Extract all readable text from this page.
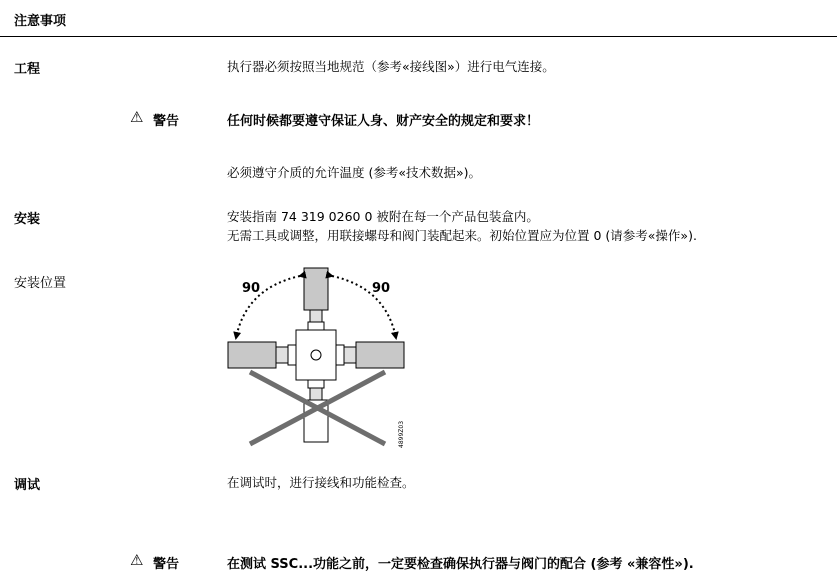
注意事项
工程	执行器必须按照当地规范（参考«接线图»）进行电气连接。
⚠ 警告	任何时候都要遵守保证人身、财产安全的规定和要求！
必须遵守介质的允许温度 (参考«技术数据»)。
安装	安装指南 74 319 0260 0 被附在每一个产品包装盒内。
无需工具或调整，用联接螺母和阀门装配起来。初始位置应为位置 0 (请参考«操作»).
安装位置	90	90
4899Z03
调试	在调试时，进行接线和功能检查。
⚠ 警告	在测试 SSC...功能之前，一定要检查确保执行器与阀门的配合 (参考 «兼容性»).
